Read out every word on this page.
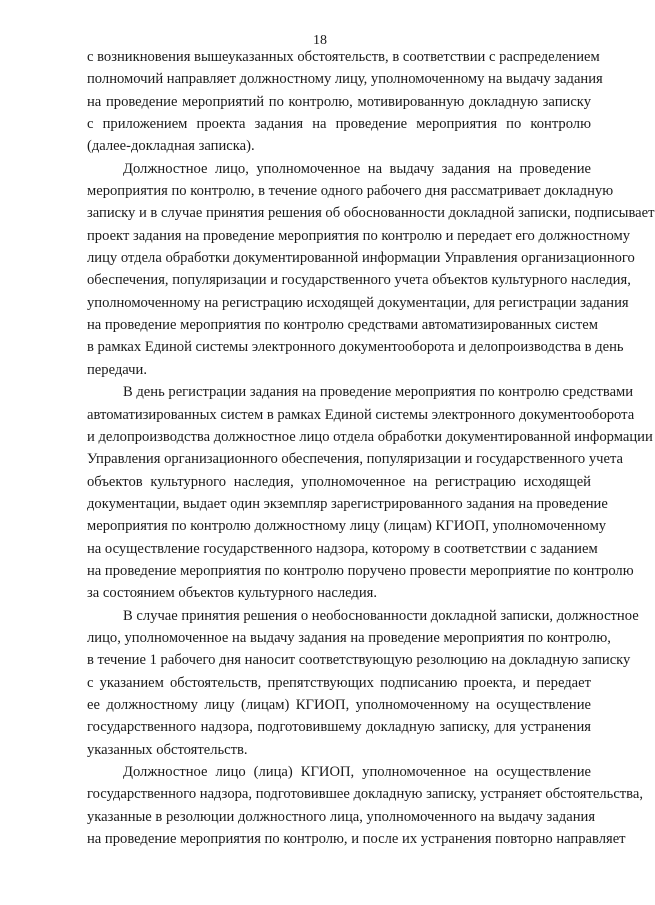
18

с возникновения вышеуказанных обстоятельств, в соответствии с распределением
полномочий направляет должностному лицу, уполномоченному на выдачу задания
на проведение мероприятий по контролю, мотивированную докладную записку
с приложением проекта задания на проведение мероприятия по контролю
(далее-докладная записка).

Должностное лицо, уполномоченное на выдачу задания на проведение
мероприятия по контролю, в течение одного рабочего дня рассматривает докладную
записку и в случае принятия решения об обоснованности докладной записки, подписывает
проект задания на проведение мероприятия по контролю и передает его должностному
лицу отдела обработки документированной информации Управления организационного
обеспечения, популяризации и государственного учета объектов культурного наследия,
уполномоченному на регистрацию исходящей документации, для регистрации задания
на проведение мероприятия по контролю средствами автоматизированных систем
в рамках Единой системы электронного документооборота и делопроизводства в день
передачи.

В день регистрации задания на проведение мероприятия по контролю средствами
автоматизированных систем в рамках Единой системы электронного документооборота
и делопроизводства должностное лицо отдела обработки документированной информации
Управления организационного обеспечения, популяризации и государственного учета
объектов культурного наследия, уполномоченное на регистрацию исходящей
документации, выдает один экземпляр зарегистрированного задания на проведение
мероприятия по контролю должностному лицу (лицам) КГИОП, уполномоченному
на осуществление государственного надзора, которому в соответствии с заданием
на проведение мероприятия по контролю поручено провести мероприятие по контролю
за состоянием объектов культурного наследия.

В случае принятия решения о необоснованности докладной записки, должностное
лицо, уполномоченное на выдачу задания на проведение мероприятия по контролю,
в течение 1 рабочего дня наносит соответствующую резолюцию на докладную записку
с указанием обстоятельств, препятствующих подписанию проекта, и передает
ее должностному лицу (лицам) КГИОП, уполномоченному на осуществление
государственного надзора, подготовившему докладную записку, для устранения
указанных обстоятельств.

Должностное лицо (лица) КГИОП, уполномоченное на осуществление
государственного надзора, подготовившее докладную записку, устраняет обстоятельства,
указанные в резолюции должностного лица, уполномоченного на выдачу задания
на проведение мероприятия по контролю, и после их устранения повторно направляет
